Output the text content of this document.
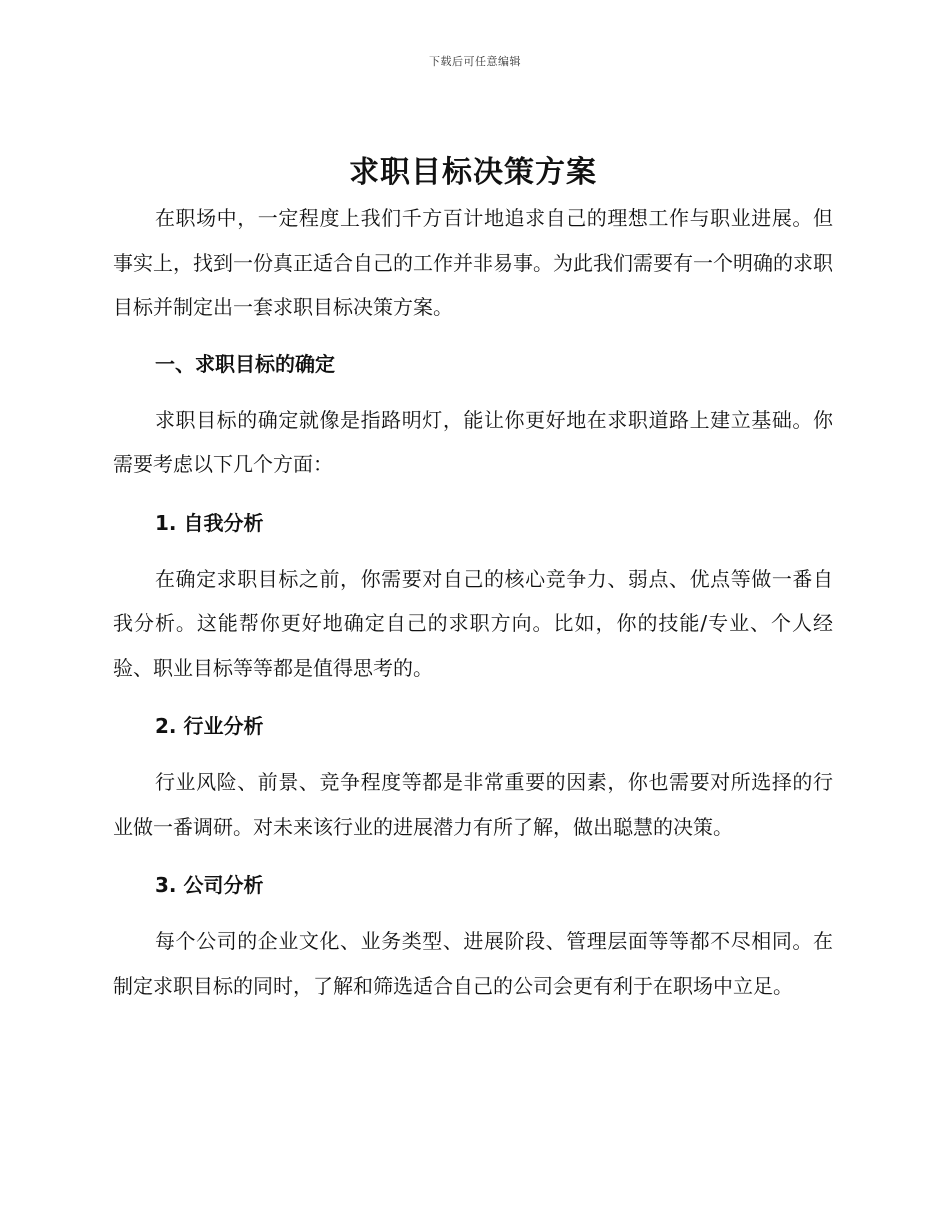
下载后可任意编辑
求职目标决策方案

在职场中，一定程度上我们千方百计地追求自己的理想工作与职业进展。但事实上，找到一份真正适合自己的工作并非易事。为此我们需要有一个明确的求职目标并制定出一套求职目标决策方案。

一、求职目标的确定

求职目标的确定就像是指路明灯，能让你更好地在求职道路上建立基础。你需要考虑以下几个方面：

1. 自我分析

在确定求职目标之前，你需要对自己的核心竞争力、弱点、优点等做一番自我分析。这能帮你更好地确定自己的求职方向。比如，你的技能/专业、个人经验、职业目标等等都是值得思考的。

2. 行业分析

行业风险、前景、竞争程度等都是非常重要的因素，你也需要对所选择的行业做一番调研。对未来该行业的进展潜力有所了解，做出聪慧的决策。

3. 公司分析

每个公司的企业文化、业务类型、进展阶段、管理层面等等都不尽相同。在制定求职目标的同时，了解和筛选适合自己的公司会更有利于在职场中立足。
